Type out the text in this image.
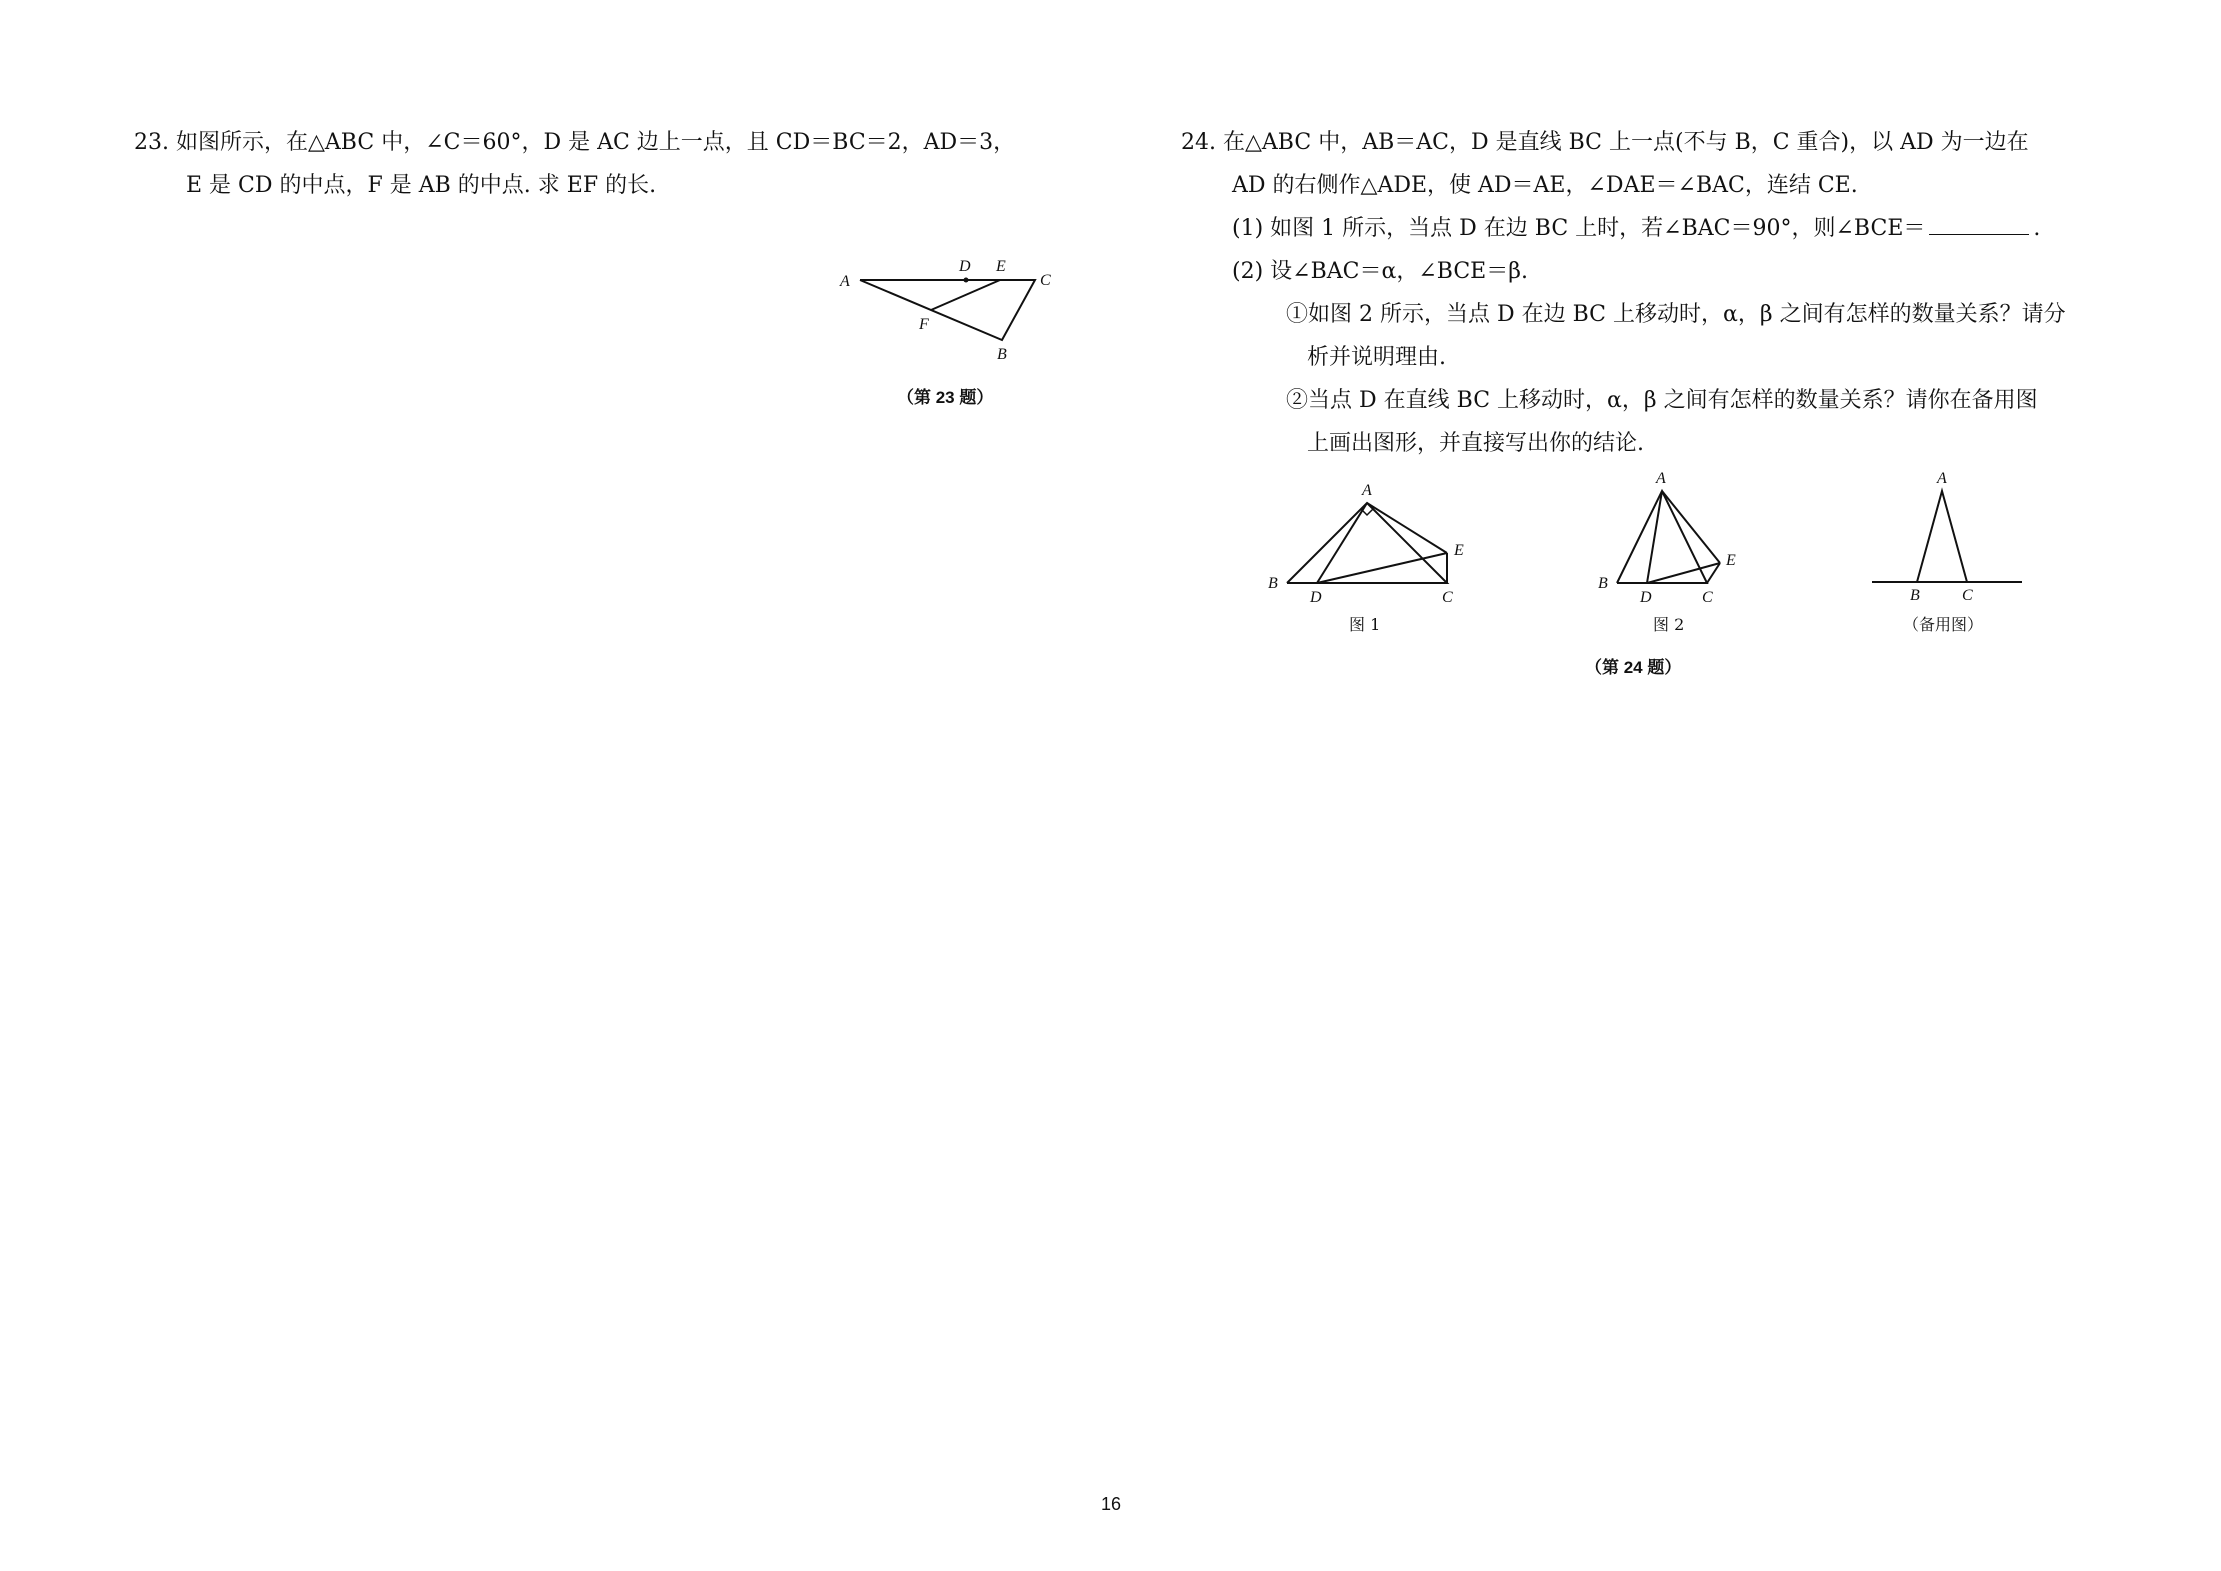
23. 如图所示，在△ABC 中，∠C＝60°，D 是 AC 边上一点，且 CD＝BC＝2，AD＝3，
E 是 CD 的中点，F 是 AB 的中点. 求 EF 的长.
A
D E
C
F
B
（第 23 题）
24. 在△ABC 中，AB＝AC，D 是直线 BC 上一点(不与 B，C 重合)，以 AD 为一边在
AD 的右侧作△ADE，使 AD＝AE，∠DAE＝∠BAC，连结 CE.
(1) 如图 1 所示，当点 D 在边 BC 上时，若∠BAC＝90°，则∠BCE＝	.
(2) 设∠BAC＝α，∠BCE＝β.
①如图 2 所示，当点 D 在边 BC 上移动时，α，β 之间有怎样的数量关系？请分
析并说明理由.
②当点 D 在直线 BC 上移动时，α，β 之间有怎样的数量关系？请你在备用图
上画出图形，并直接写出你的结论.
A
B
D	C
E
图 1
A
B
D	C
E
图 2
A
B	C
（备用图）
（第 24 题）
16
